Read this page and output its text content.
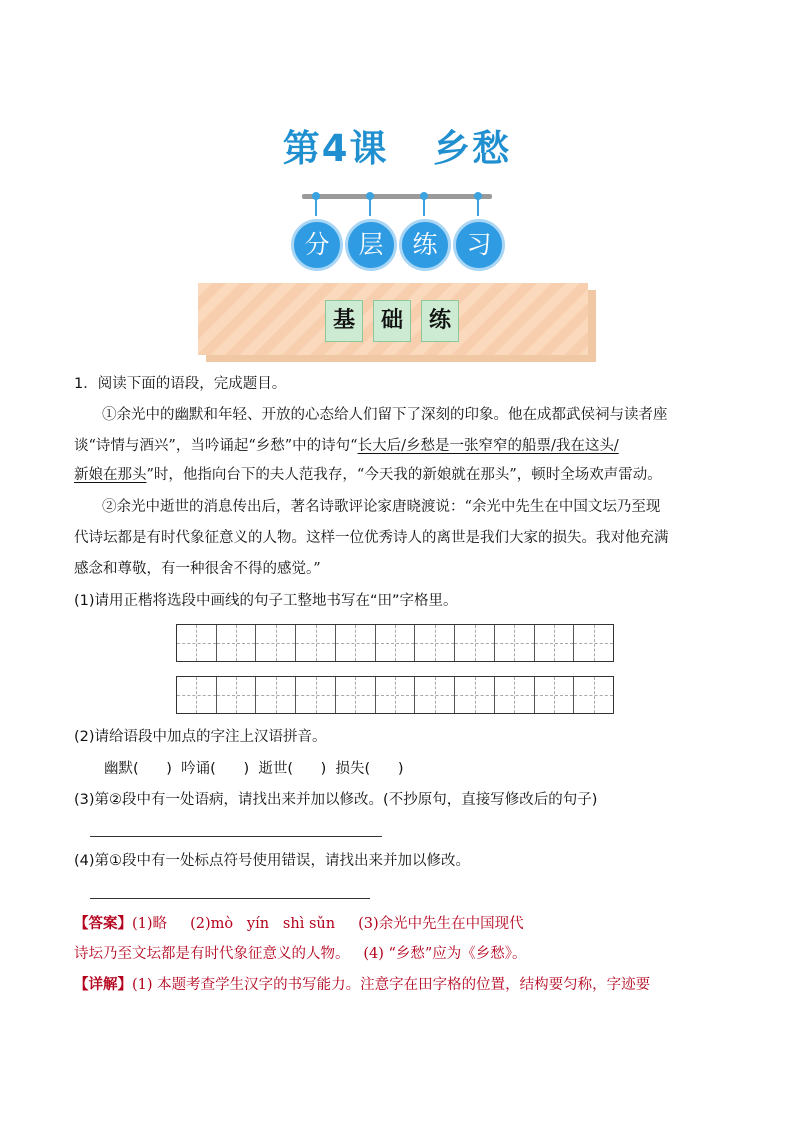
第4课   乡愁
分	层	练	习
基	础	练
1．阅读下面的语段，完成题目。
①余光中的幽默和年轻、开放的心态给人们留下了深刻的印象。他在成都武侯祠与读者座
谈“诗情与酒兴”，当吟诵起“乡愁”中的诗句“长大后/乡愁是一张窄窄的船票/我在这头/
新娘在那头”时，他指向台下的夫人范我存，“今天我的新娘就在那头”，顿时全场欢声雷动。
②余光中逝世的消息传出后，著名诗歌评论家唐晓渡说：“余光中先生在中国文坛乃至现
代诗坛都是有时代象征意义的人物。这样一位优秀诗人的离世是我们大家的损失。我对他充满
感念和尊敬，有一种很舍不得的感觉。”
(1)请用正楷将选段中画线的句子工整地书写在“田”字格里。
(2)请给语段中加点的字注上汉语拼音。
幽默(      )  吟诵(      )  逝世(      )  损失(      )
(3)第②段中有一处语病，请找出来并加以修改。(不抄原句，直接写修改后的句子)
(4)第①段中有一处标点符号使用错误，请找出来并加以修改。
【答案】(1)略     (2)mò   yín   shì sǔn     (3)余光中先生在中国现代
诗坛乃至文坛都是有时代象征意义的人物。   (4) “乡愁”应为《乡愁》。
【详解】(1) 本题考查学生汉字的书写能力。注意字在田字格的位置，结构要匀称，字迹要
